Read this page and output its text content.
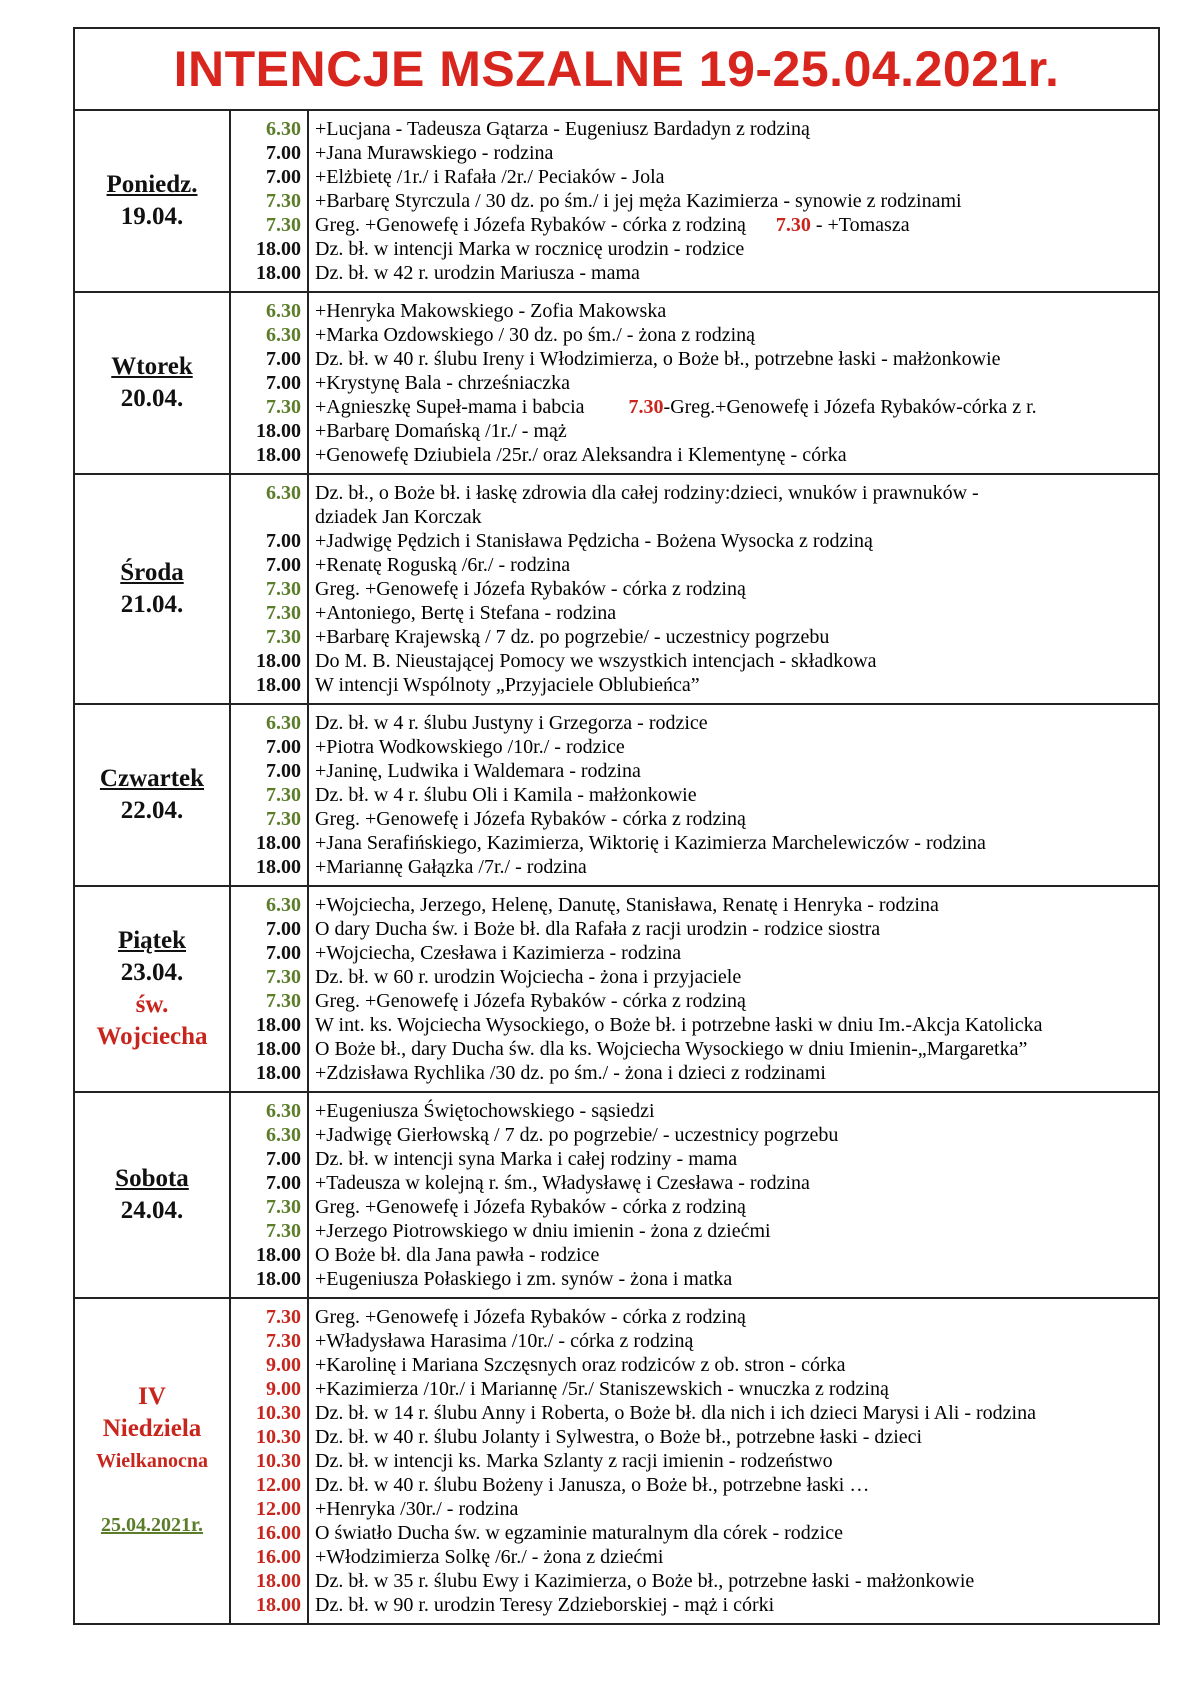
INTENCJE MSZALNE 19-25.04.2021r.
Poniedz.
19.04.
6.30
7.00
7.00
7.30
7.30
18.00
18.00
+Lucjana - Tadeusza Gątarza - Eugeniusz Bardadyn z rodziną
+Jana Murawskiego - rodzina
+Elżbietę /1r./ i Rafała /2r./ Peciaków - Jola
+Barbarę Styrczula / 30 dz. po śm./ i jej męża Kazimierza - synowie z rodzinami
Greg. +Genowefę i Józefa Rybaków - córka z rodziną 7.30 - +Tomasza
Dz. bł. w intencji Marka w rocznicę urodzin - rodzice
Dz. bł. w 42 r. urodzin Mariusza - mama
Wtorek
20.04.
6.30
6.30
7.00
7.00
7.30
18.00
18.00
+Henryka Makowskiego - Zofia Makowska
+Marka Ozdowskiego / 30 dz. po śm./ - żona z rodziną
Dz. bł. w 40 r. ślubu Ireny i Włodzimierza, o Boże bł., potrzebne łaski - małżonkowie
+Krystynę Bala - chrześniaczka
+Agnieszkę Supeł-mama i babcia 7.30-Greg.+Genowefę i Józefa Rybaków-córka z r.
+Barbarę Domańską /1r./ - mąż
+Genowefę Dziubiela /25r./ oraz Aleksandra i Klementynę - córka
Środa
21.04.
6.30

7.00
7.00
7.30
7.30
7.30
18.00
18.00
Dz. bł., o Boże bł. i łaskę zdrowia dla całej rodziny:dzieci, wnuków i prawnuków -
dziadek Jan Korczak
+Jadwigę Pędzich i Stanisława Pędzicha - Bożena Wysocka z rodziną
+Renatę Roguską /6r./ - rodzina
Greg. +Genowefę i Józefa Rybaków - córka z rodziną
+Antoniego, Bertę i Stefana - rodzina
+Barbarę Krajewską / 7 dz. po pogrzebie/ - uczestnicy pogrzebu
Do M. B. Nieustającej Pomocy we wszystkich intencjach - składkowa
W intencji Wspólnoty „Przyjaciele Oblubieńca”
Czwartek
22.04.
6.30
7.00
7.00
7.30
7.30
18.00
18.00
Dz. bł. w 4 r. ślubu Justyny i Grzegorza - rodzice
+Piotra Wodkowskiego /10r./ - rodzice
+Janinę, Ludwika i Waldemara - rodzina
Dz. bł. w 4 r. ślubu Oli i Kamila - małżonkowie
Greg. +Genowefę i Józefa Rybaków - córka z rodziną
+Jana Serafińskiego, Kazimierza, Wiktorię i Kazimierza Marchelewiczów - rodzina
+Mariannę Gałązka /7r./ - rodzina
Piątek
23.04.
św.
Wojciecha
6.30
7.00
7.00
7.30
7.30
18.00
18.00
18.00
+Wojciecha, Jerzego, Helenę, Danutę, Stanisława, Renatę i Henryka - rodzina
O dary Ducha św. i Boże bł. dla Rafała z racji urodzin - rodzice siostra
+Wojciecha, Czesława i Kazimierza - rodzina
Dz. bł. w 60 r. urodzin Wojciecha - żona i przyjaciele
Greg. +Genowefę i Józefa Rybaków - córka z rodziną
W int. ks. Wojciecha Wysockiego, o Boże bł. i potrzebne łaski w dniu Im.-Akcja Katolicka
O Boże bł., dary Ducha św. dla ks. Wojciecha Wysockiego w dniu Imienin-„Margaretka”
+Zdzisława Rychlika /30 dz. po śm./ - żona i dzieci z rodzinami
Sobota
24.04.
6.30
6.30
7.00
7.00
7.30
7.30
18.00
18.00
+Eugeniusza Świętochowskiego - sąsiedzi
+Jadwigę Gierłowską / 7 dz. po pogrzebie/ - uczestnicy pogrzebu
Dz. bł. w intencji syna Marka i całej rodziny - mama
+Tadeusza w kolejną r. śm., Władysławę i Czesława - rodzina
Greg. +Genowefę i Józefa Rybaków - córka z rodziną
+Jerzego Piotrowskiego w dniu imienin - żona z dziećmi
O Boże bł. dla Jana pawła - rodzice
+Eugeniusza Połaskiego i zm. synów - żona i matka
IV
Niedziela
Wielkanocna
25.04.2021r.
7.30
7.30
9.00
9.00
10.30
10.30
10.30
12.00
12.00
16.00
16.00
18.00
18.00
Greg. +Genowefę i Józefa Rybaków - córka z rodziną
+Władysława Harasima /10r./ - córka z rodziną
+Karolinę i Mariana Szczęsnych oraz rodziców z ob. stron - córka
+Kazimierza /10r./ i Mariannę /5r./ Staniszewskich - wnuczka z rodziną
Dz. bł. w 14 r. ślubu Anny i Roberta, o Boże bł. dla nich i ich dzieci Marysi i Ali - rodzina
Dz. bł. w 40 r. ślubu Jolanty i Sylwestra, o Boże bł., potrzebne łaski - dzieci
Dz. bł. w intencji ks. Marka Szlanty z racji imienin - rodzeństwo
Dz. bł. w 40 r. ślubu Bożeny i Janusza, o Boże bł., potrzebne łaski …
+Henryka /30r./ - rodzina
O światło Ducha św. w egzaminie maturalnym dla córek - rodzice
+Włodzimierza Solkę /6r./ - żona z dziećmi
Dz. bł. w 35 r. ślubu Ewy i Kazimierza, o Boże bł., potrzebne łaski - małżonkowie
Dz. bł. w 90 r. urodzin Teresy Zdzieborskiej - mąż i córki
